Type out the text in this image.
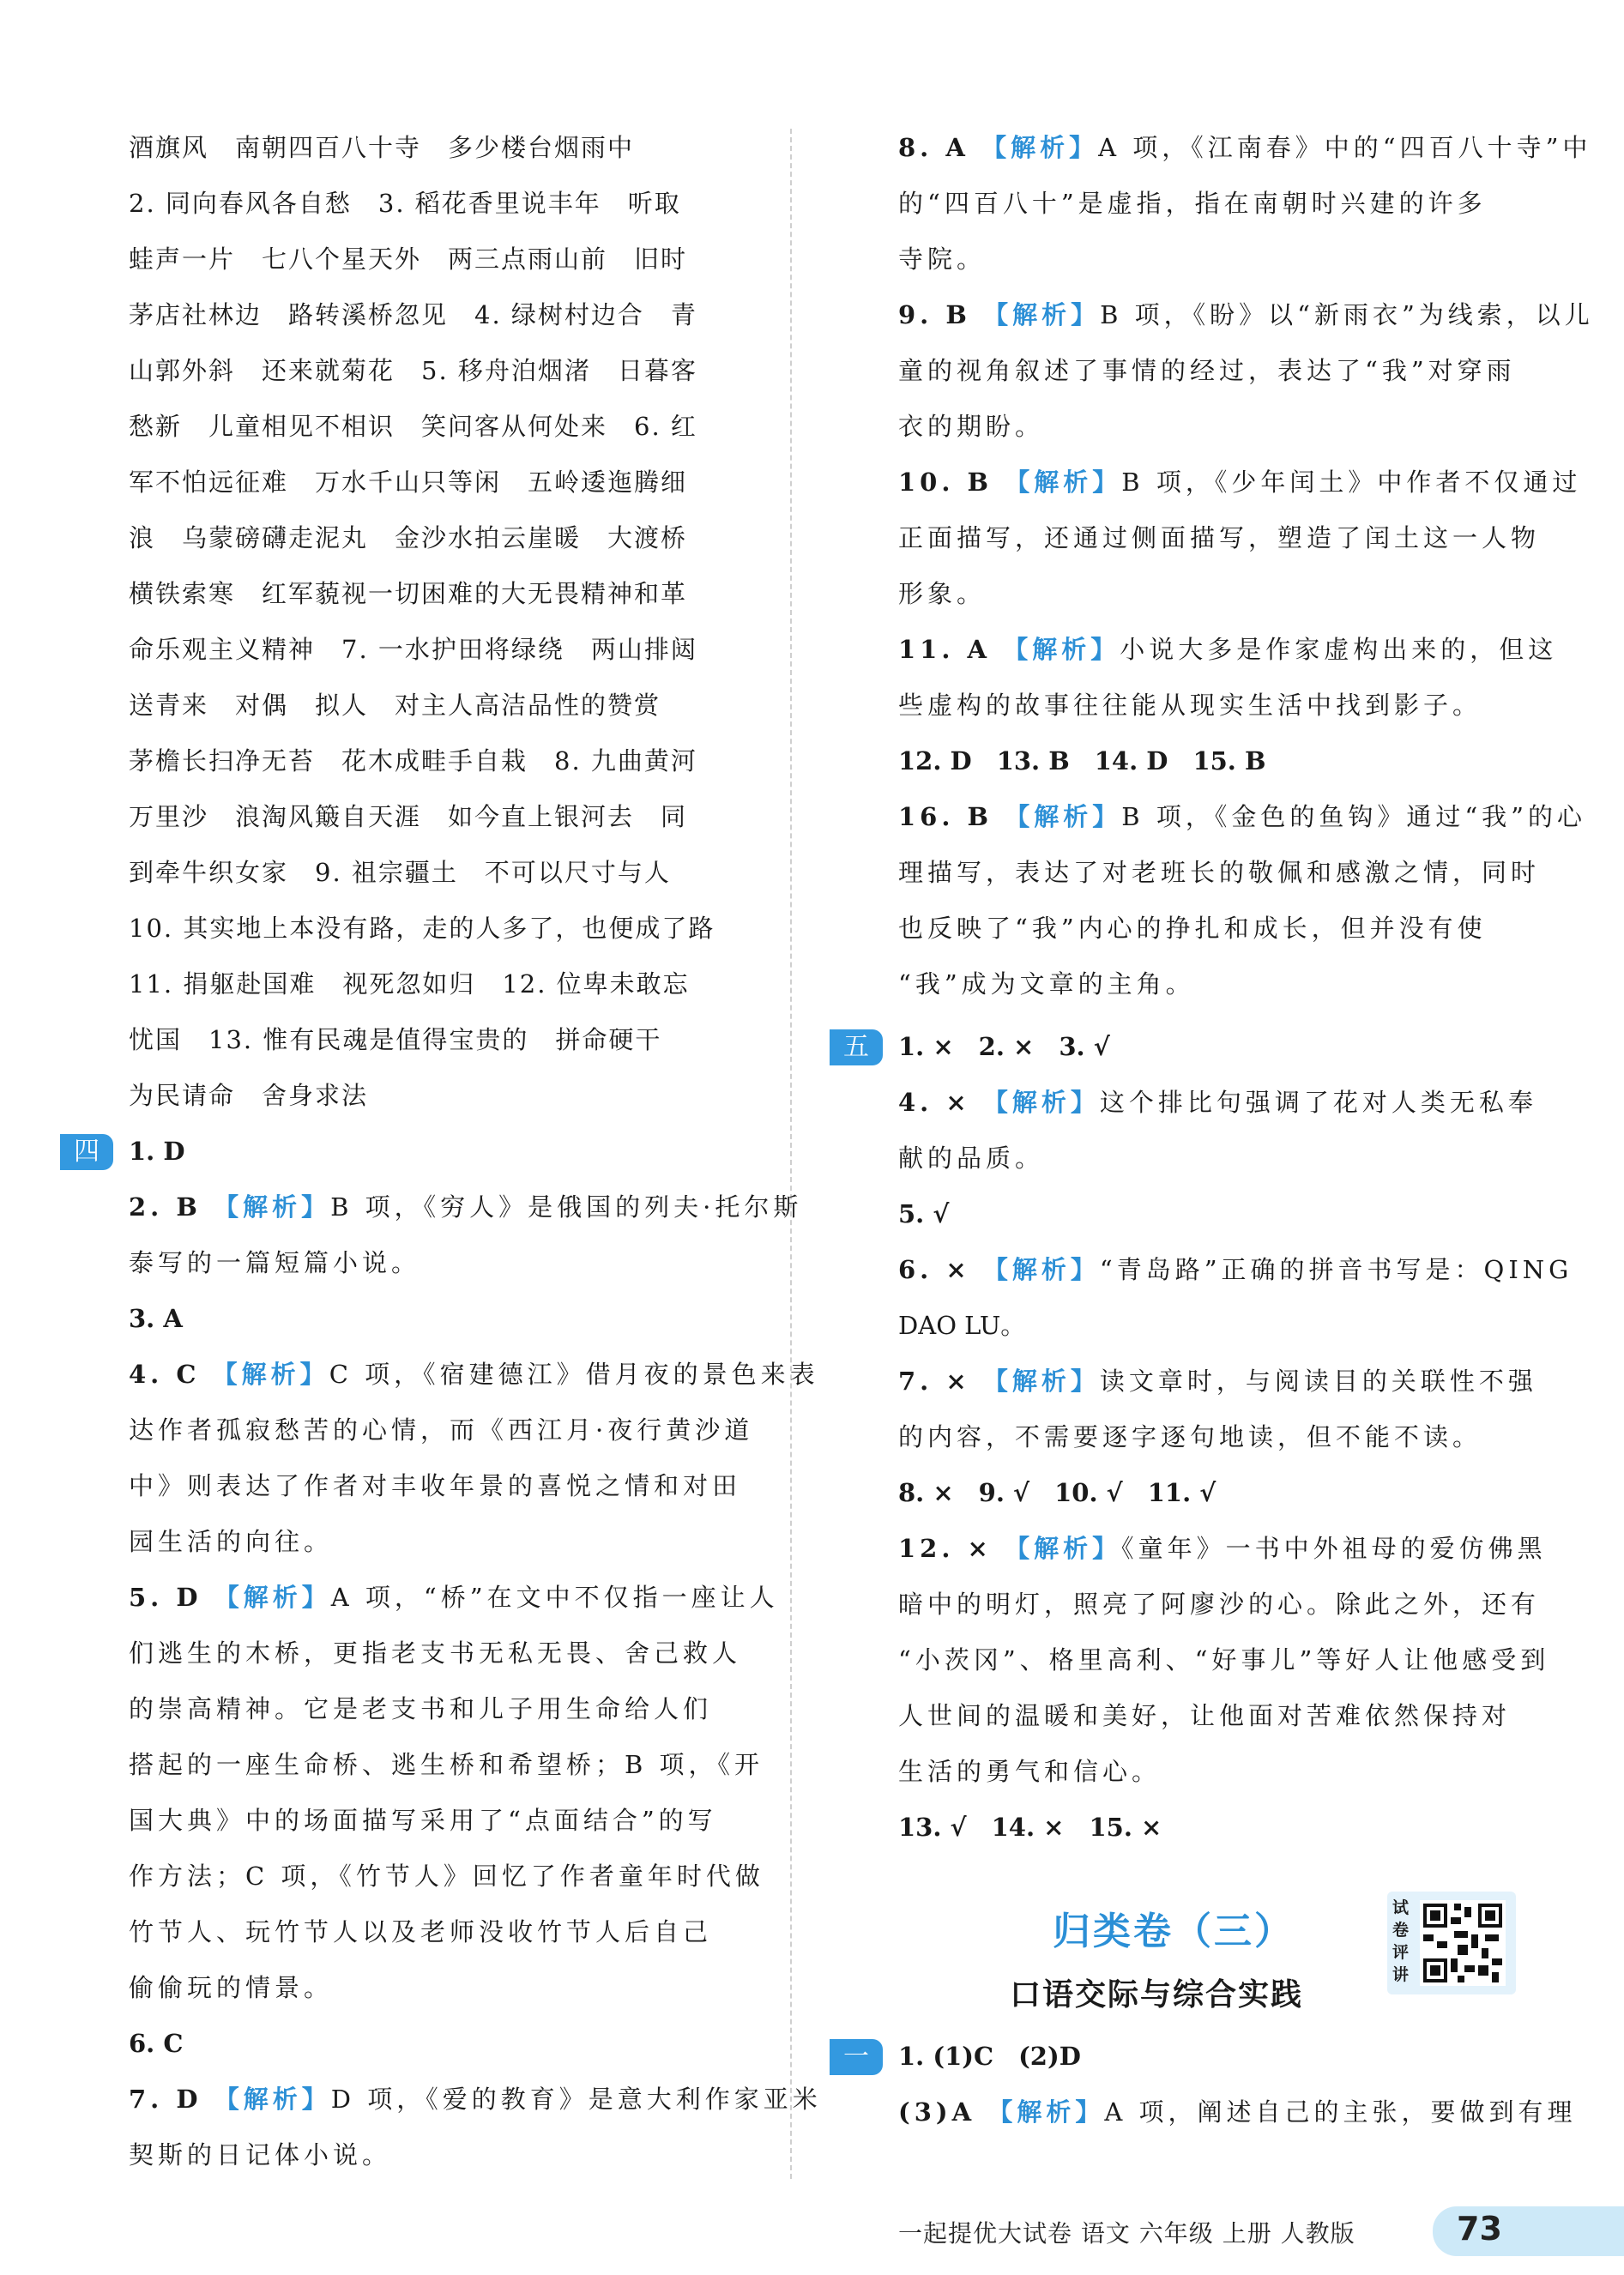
酒旗风　南朝四百八十寺　多少楼台烟雨中
2. 同向春风各自愁　3. 稻花香里说丰年　听取
蛙声一片　七八个星天外　两三点雨山前　旧时
茅店社林边　路转溪桥忽见　4. 绿树村边合　青
山郭外斜　还来就菊花　5. 移舟泊烟渚　日暮客
愁新　儿童相见不相识　笑问客从何处来　6. 红
军不怕远征难　万水千山只等闲　五岭逶迤腾细
浪　乌蒙磅礴走泥丸　金沙水拍云崖暖　大渡桥
横铁索寒　红军藐视一切困难的大无畏精神和革
命乐观主义精神　7. 一水护田将绿绕　两山排闼
送青来　对偶　拟人　对主人高洁品性的赞赏
茅檐长扫净无苔　花木成畦手自栽　8. 九曲黄河
万里沙　浪淘风簸自天涯　如今直上银河去　同
到牵牛织女家　9. 祖宗疆土　不可以尺寸与人
10. 其实地上本没有路，走的人多了，也便成了路
11. 捐躯赴国难　视死忽如归　12. 位卑未敢忘
忧国　13. 惟有民魂是值得宝贵的　拼命硬干
为民请命　舍身求法
四	1. D
2. B 【解析】B 项，《穷人》是俄国的列夫·托尔斯
泰写的一篇短篇小说。
3. A
4. C 【解析】C 项，《宿建德江》借月夜的景色来表
达作者孤寂愁苦的心情，而《西江月·夜行黄沙道
中》则表达了作者对丰收年景的喜悦之情和对田
园生活的向往。
5. D 【解析】A 项，“桥”在文中不仅指一座让人
们逃生的木桥，更指老支书无私无畏、舍己救人
的崇高精神。它是老支书和儿子用生命给人们
搭起的一座生命桥、逃生桥和希望桥；B 项，《开
国大典》中的场面描写采用了“点面结合”的写
作方法；C 项，《竹节人》回忆了作者童年时代做
竹节人、玩竹节人以及老师没收竹节人后自己
偷偷玩的情景。
6. C
7. D 【解析】D 项，《爱的教育》是意大利作家亚米
契斯的日记体小说。
8. A 【解析】A 项，《江南春》中的“四百八十寺”中
的“四百八十”是虚指，指在南朝时兴建的许多
寺院。
9. B 【解析】B 项，《盼》以“新雨衣”为线索，以儿
童的视角叙述了事情的经过，表达了“我”对穿雨
衣的期盼。
10. B 【解析】B 项，《少年闰土》中作者不仅通过
正面描写，还通过侧面描写，塑造了闰土这一人物
形象。
11. A 【解析】小说大多是作家虚构出来的，但这
些虚构的故事往往能从现实生活中找到影子。
12. D　13. B　14. D　15. B
16. B 【解析】B 项，《金色的鱼钩》通过“我”的心
理描写，表达了对老班长的敬佩和感激之情，同时
也反映了“我”内心的挣扎和成长，但并没有使
“我”成为文章的主角。
五	1. ×　2. ×　3. √
4. × 【解析】这个排比句强调了花对人类无私奉
献的品质。
5. √
6. × 【解析】“青岛路”正确的拼音书写是：QING
DAO LU。
7. × 【解析】读文章时，与阅读目的关联性不强
的内容，不需要逐字逐句地读，但不能不读。
8. ×　9. √　10. √　11. √
12. × 【解析】《童年》一书中外祖母的爱仿佛黑
暗中的明灯，照亮了阿廖沙的心。除此之外，还有
“小茨冈”、格里高利、“好事儿”等好人让他感受到
人世间的温暖和美好，让他面对苦难依然保持对
生活的勇气和信心。
13. √　14. ×　15. ×
归类卷（三）
口语交际与综合实践
试卷评讲
一	1. (1)C　(2)D
(3)A 【解析】A 项，阐述自己的主张，要做到有理
一起提优大试卷 语文 六年级 上册 人教版	73
